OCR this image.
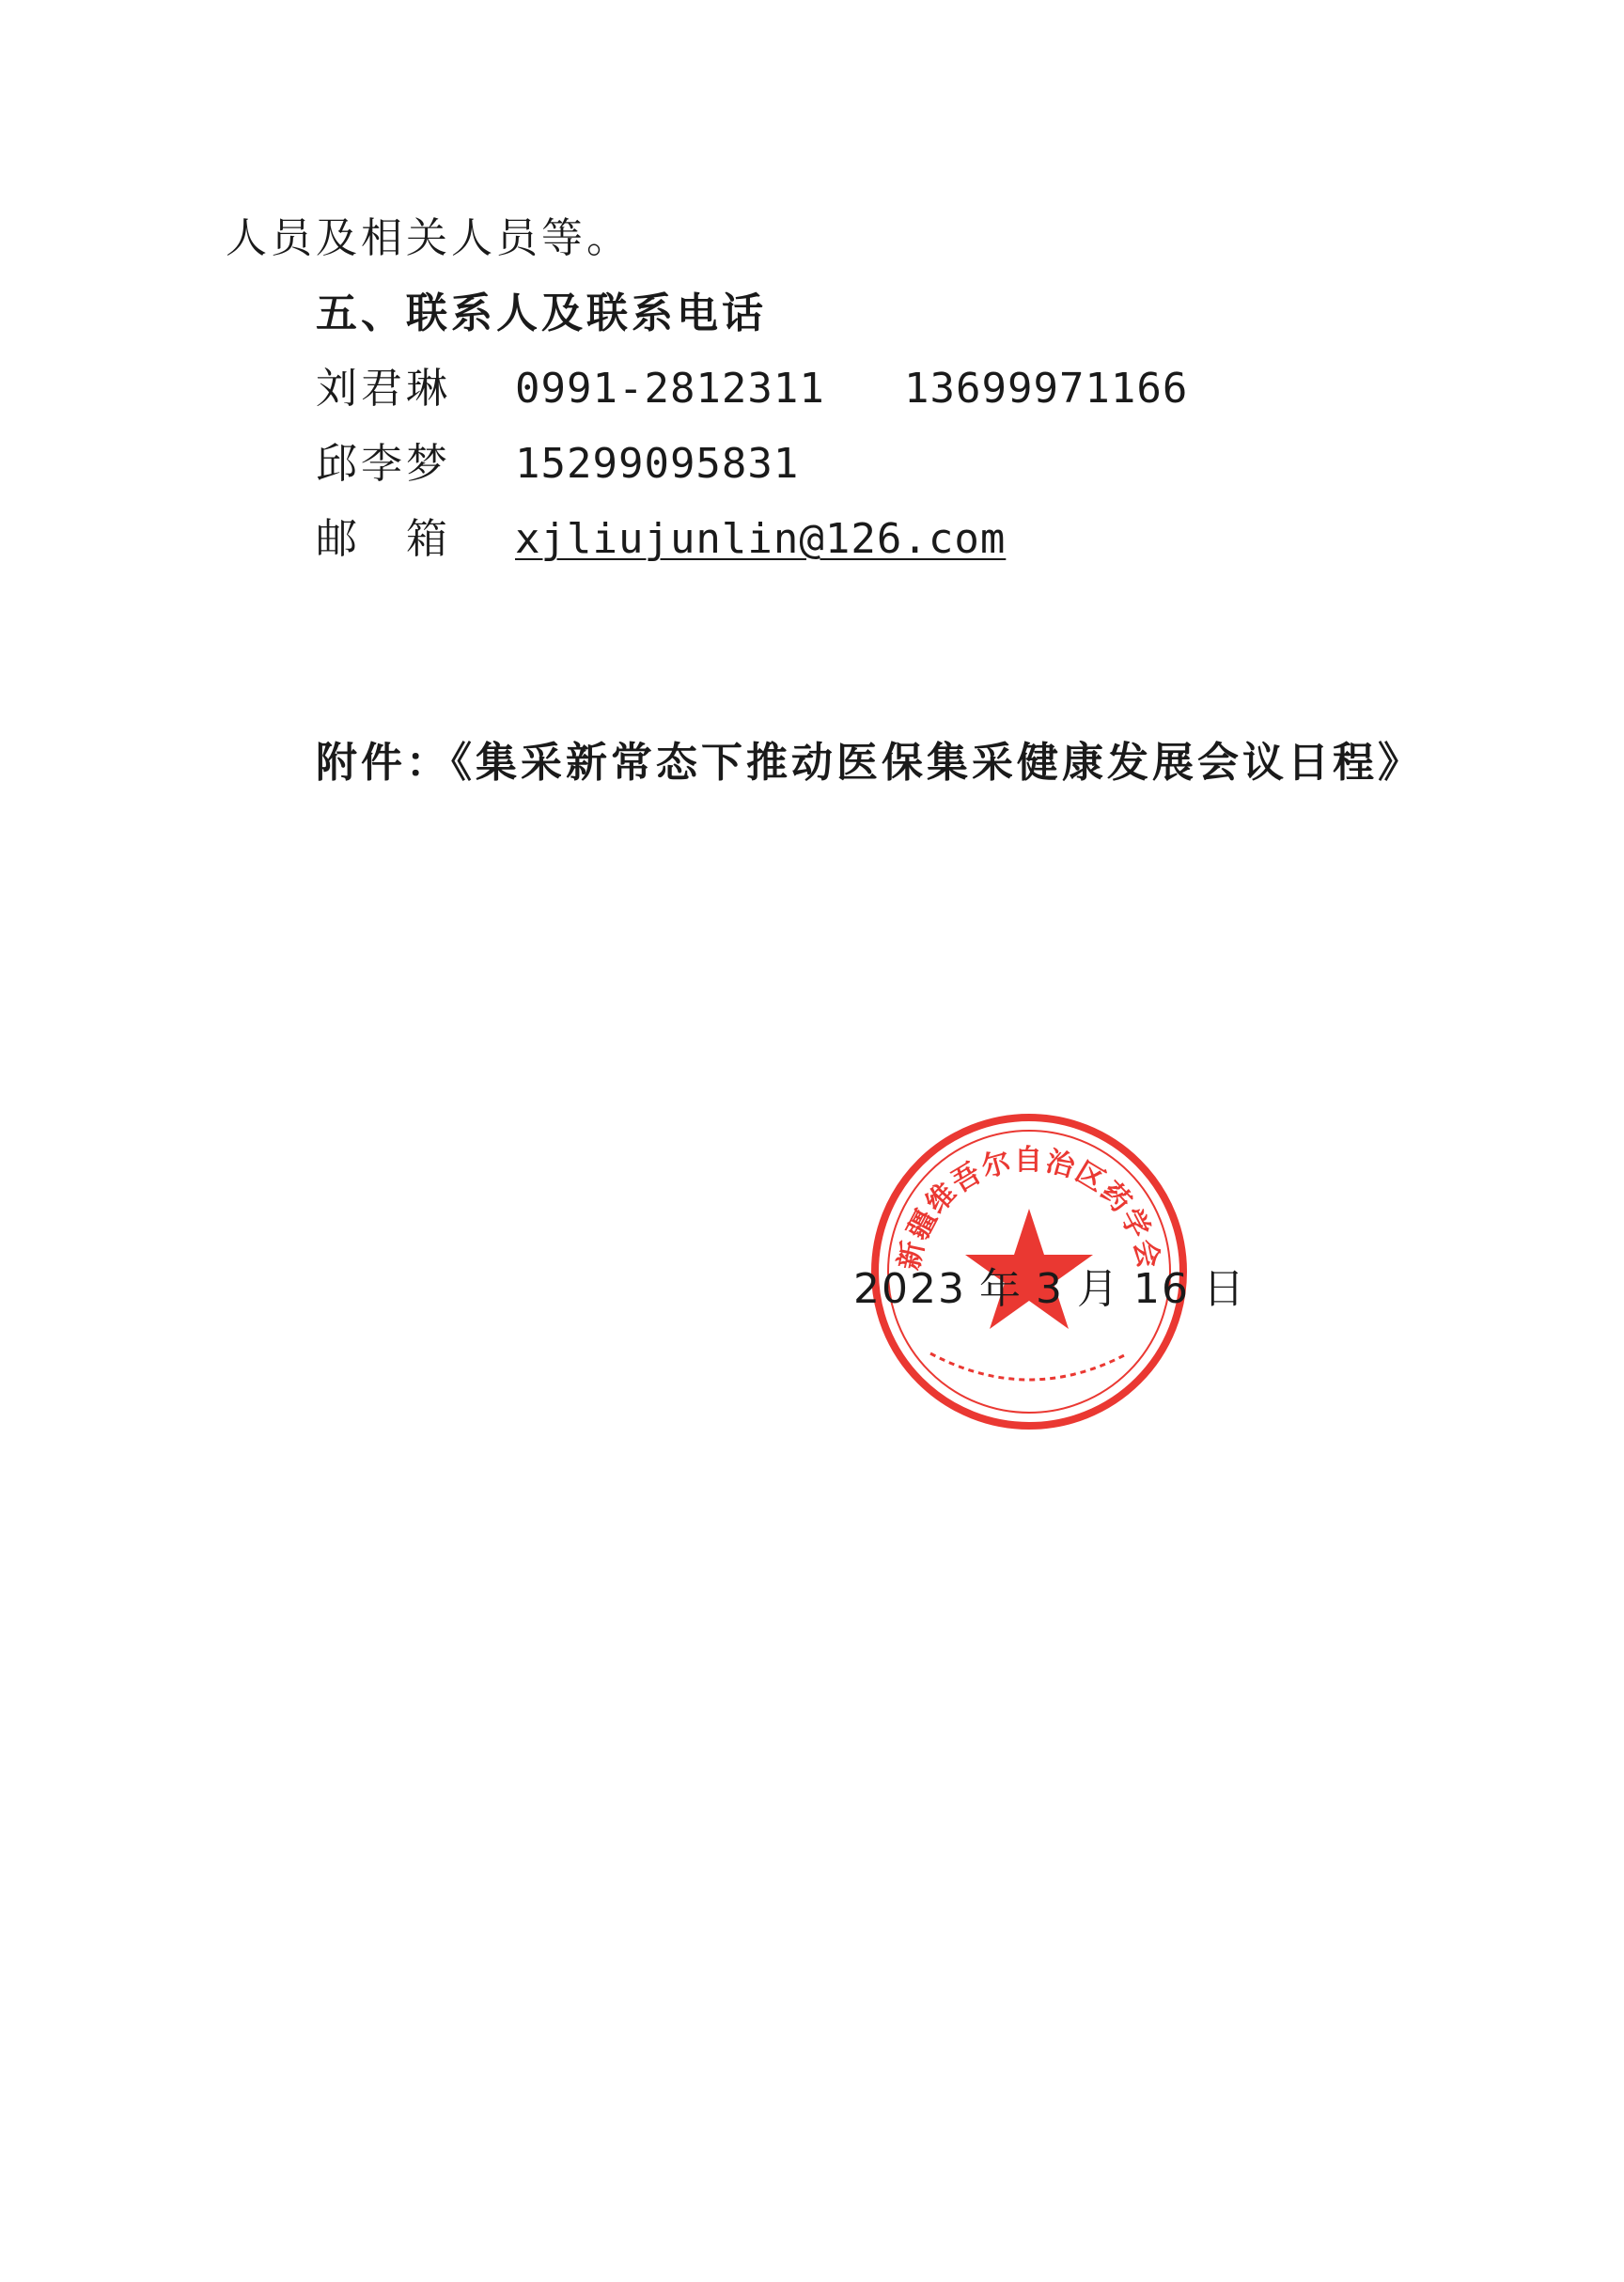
人员及相关人员等。
五、联系人及联系电话
刘君琳 0991-2812311 13699971166
邱李梦 15299095831
邮　箱 xjliujunlin@126.com
附件：《集采新常态下推动医保集采健康发展会议日程》
新疆维吾尔自治区药学会
2023 年 3 月 16 日
